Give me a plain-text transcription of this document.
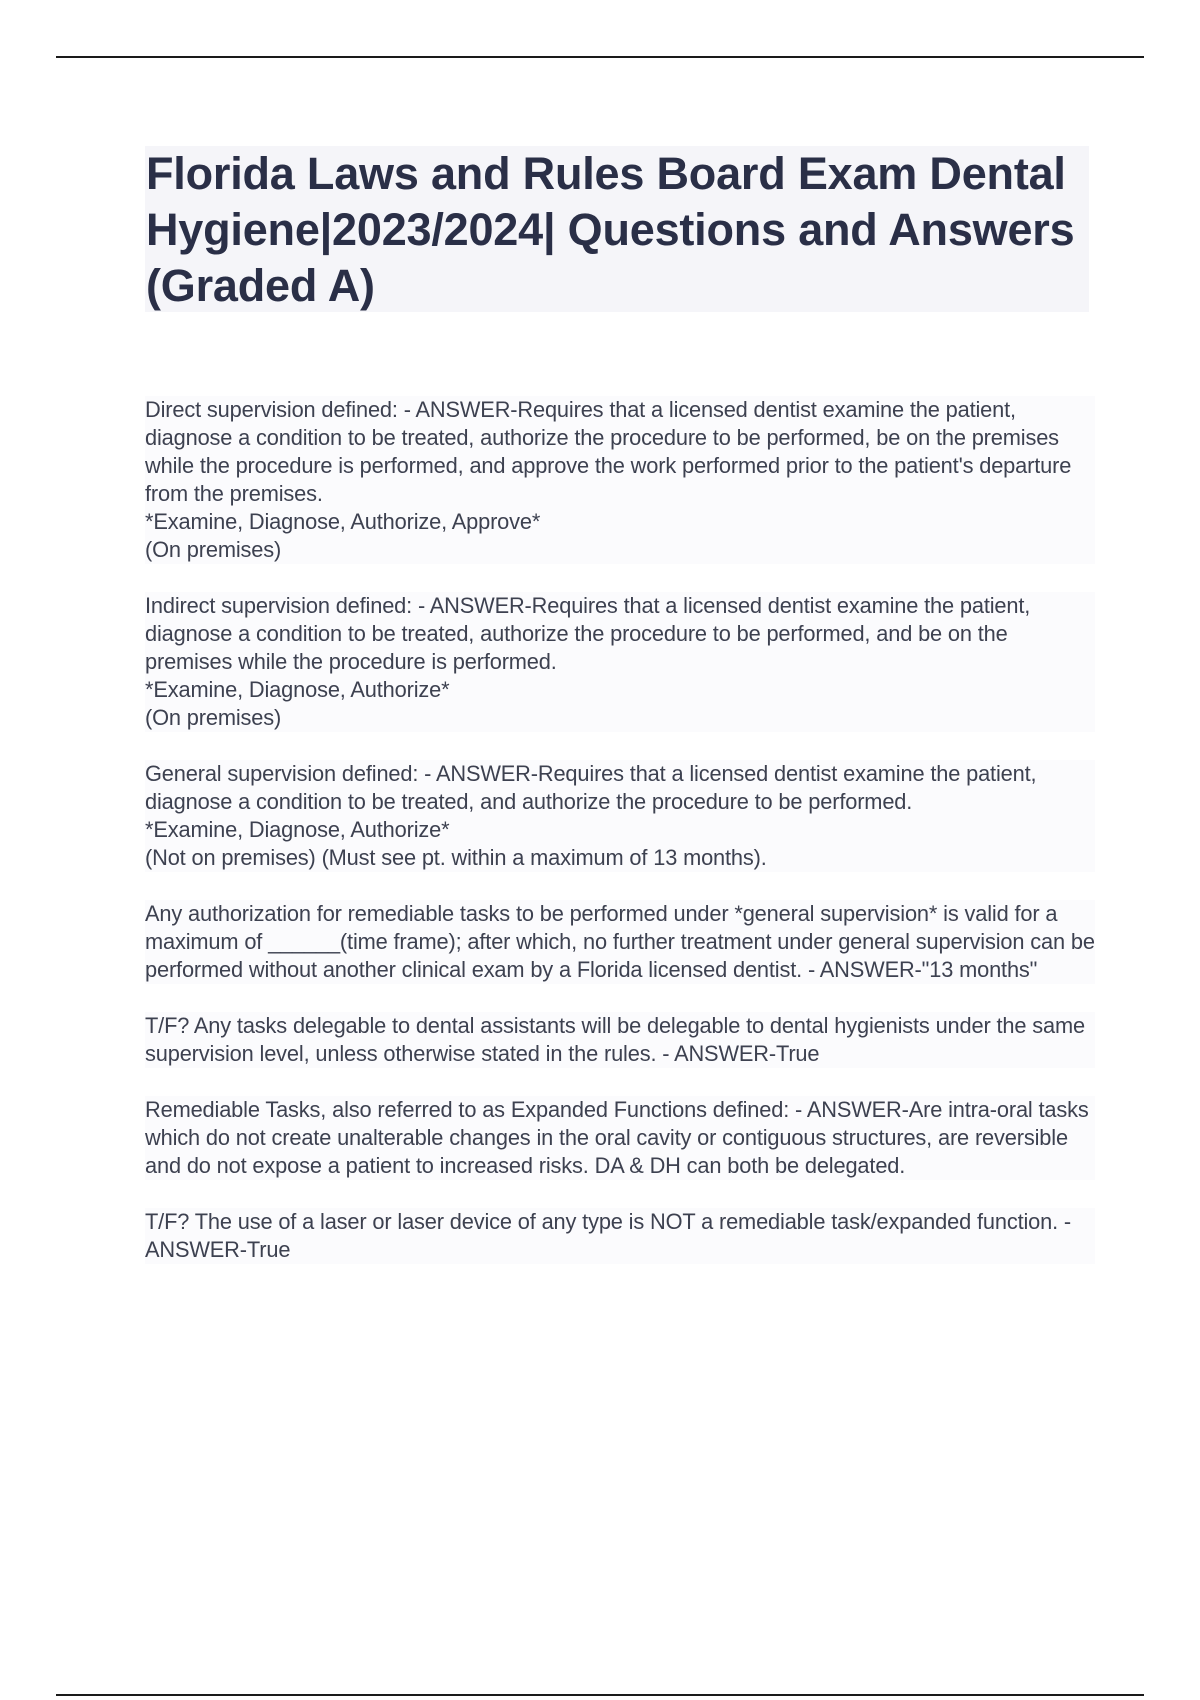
Florida Laws and Rules Board Exam Dental Hygiene|2023/2024| Questions and Answers (Graded A)

Direct supervision defined: - ANSWER-Requires that a licensed dentist examine the patient, diagnose a condition to be treated, authorize the procedure to be performed, be on the premises while the procedure is performed, and approve the work performed prior to the patient's departure from the premises.

*Examine, Diagnose, Authorize, Approve*

(On premises)

Indirect supervision defined: - ANSWER-Requires that a licensed dentist examine the patient, diagnose a condition to be treated, authorize the procedure to be performed, and be on the premises while the procedure is performed.

*Examine, Diagnose, Authorize*

(On premises)

General supervision defined: - ANSWER-Requires that a licensed dentist examine the patient, diagnose a condition to be treated, and authorize the procedure to be performed.

*Examine, Diagnose, Authorize*

(Not on premises) (Must see pt. within a maximum of 13 months).

Any authorization for remediable tasks to be performed under *general supervision* is valid for a maximum of ______(time frame); after which, no further treatment under general supervision can be performed without another clinical exam by a Florida licensed dentist. - ANSWER-"13 months"

T/F? Any tasks delegable to dental assistants will be delegable to dental hygienists under the same supervision level, unless otherwise stated in the rules. - ANSWER-True

Remediable Tasks, also referred to as Expanded Functions defined: - ANSWER-Are intra-oral tasks which do not create unalterable changes in the oral cavity or contiguous structures, are reversible and do not expose a patient to increased risks. DA & DH can both be delegated.

T/F? The use of a laser or laser device of any type is NOT a remediable task/expanded function. - ANSWER-True
